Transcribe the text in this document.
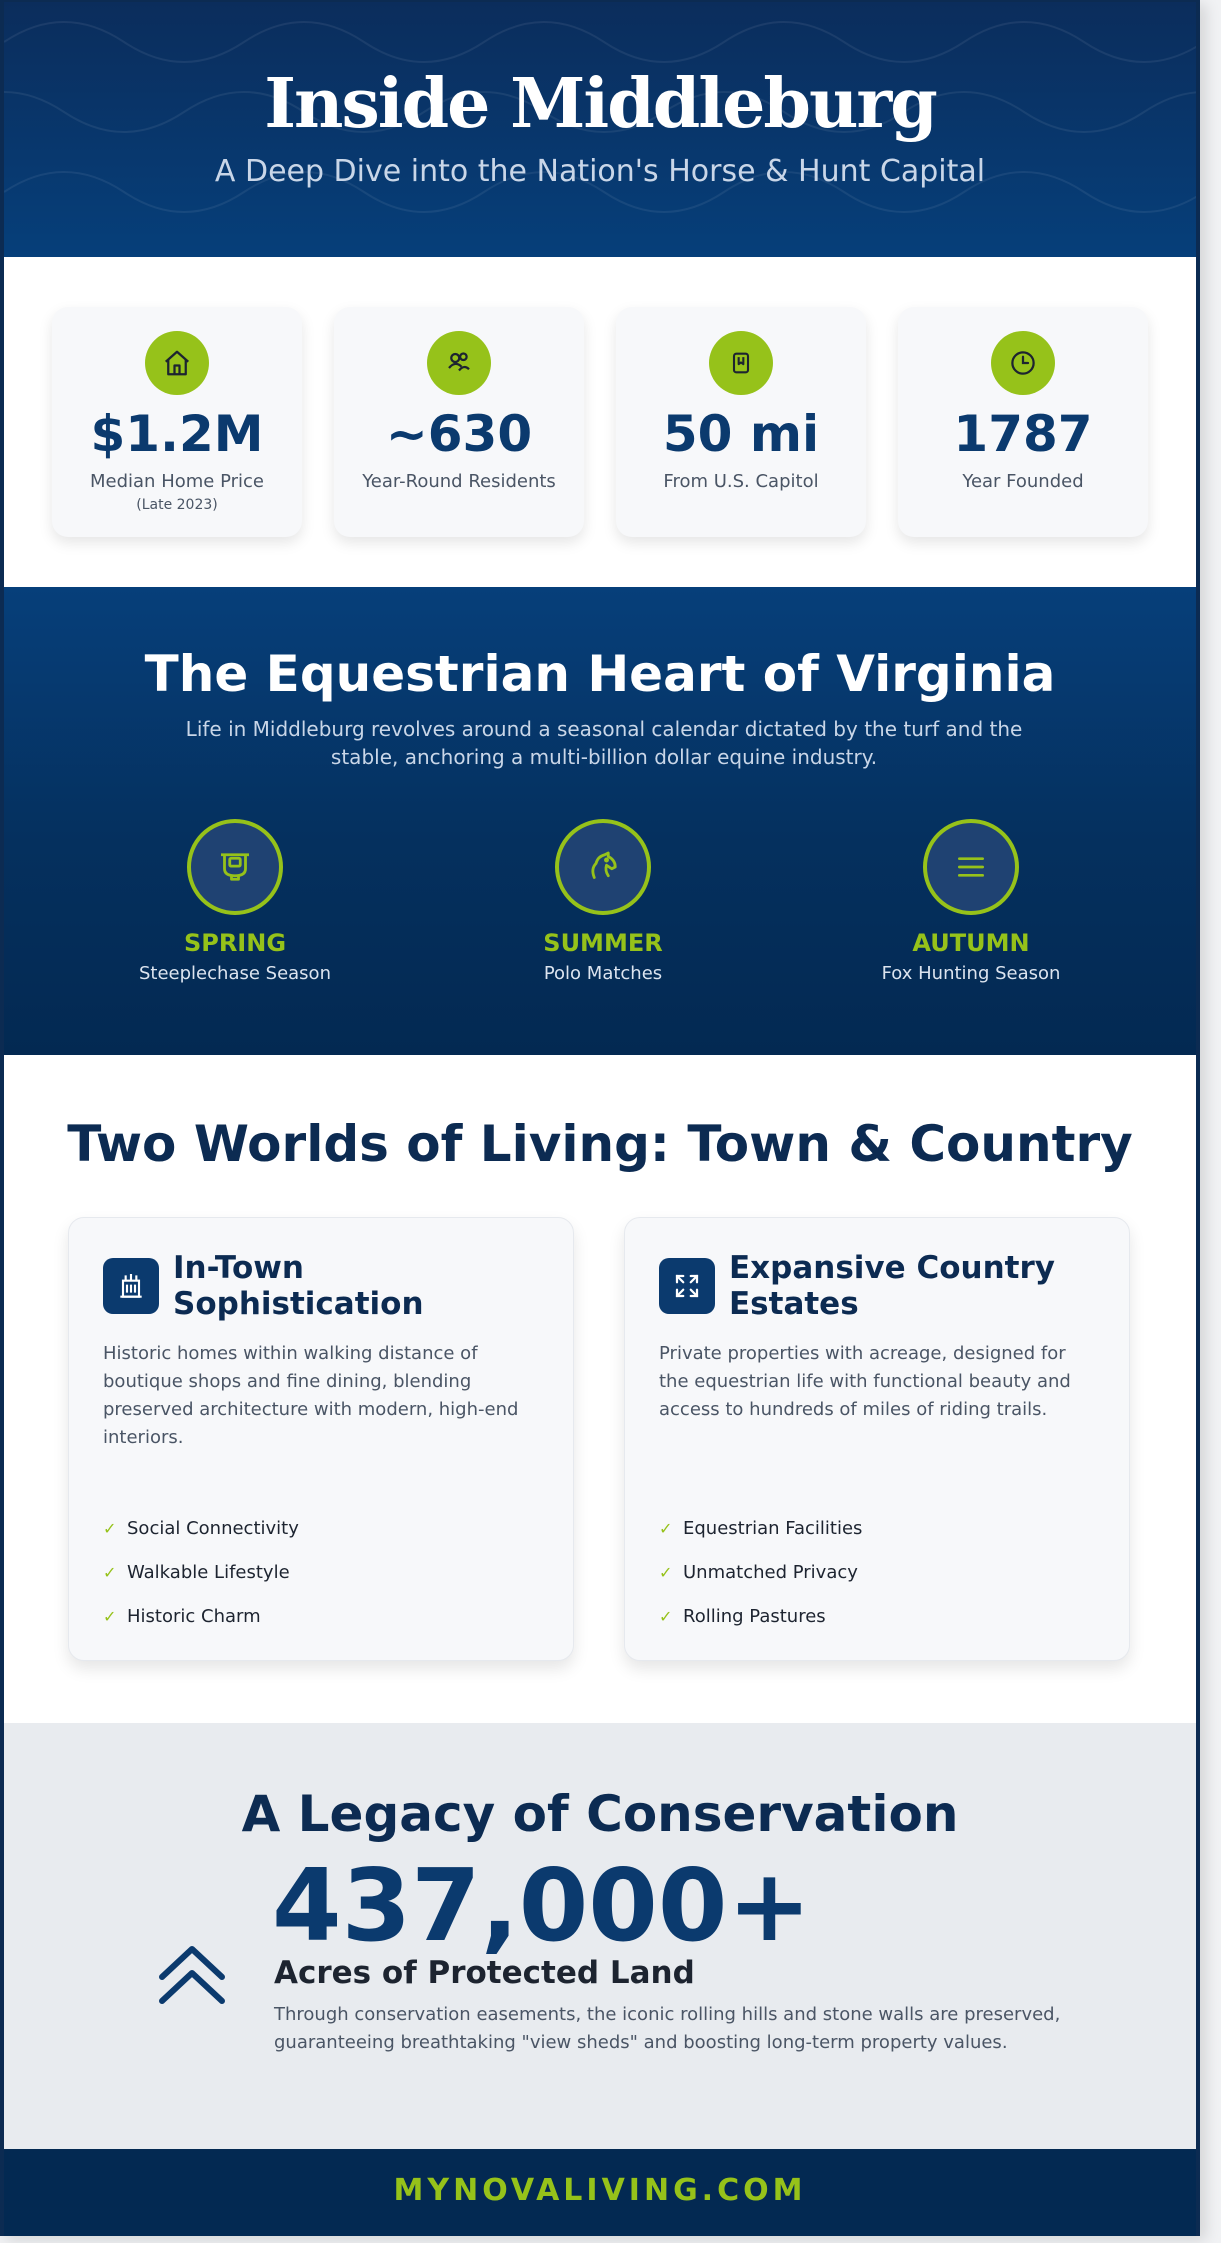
Inside Middleburg
A Deep Dive into the Nation's Horse & Hunt Capital
$1.2M
Median Home Price
(Late 2023)
~630
Year-Round Residents
50 mi
From U.S. Capitol
1787
Year Founded
The Equestrian Heart of Virginia

Life in Middleburg revolves around a seasonal calendar dictated by the turf and the stable, anchoring a multi-billion dollar equine industry.

SPRING
Steeplechase Season
SUMMER
Polo Matches
AUTUMN
Fox Hunting Season
Two Worlds of Living: Town & Country
In-Town Sophistication

Historic homes within walking distance of boutique shops and fine dining, blending preserved architecture with modern, high-end interiors.

✓ Social Connectivity
✓ Walkable Lifestyle
✓ Historic Charm
Expansive Country Estates

Private properties with acreage, designed for the equestrian life with functional beauty and access to hundreds of miles of riding trails.

✓ Equestrian Facilities
✓ Unmatched Privacy
✓ Rolling Pastures
A Legacy of Conservation
437,000+
Acres of Protected Land

Through conservation easements, the iconic rolling hills and stone walls are preserved, guaranteeing breathtaking "view sheds" and boosting long-term property values.

MYNOVALIVING.COM
